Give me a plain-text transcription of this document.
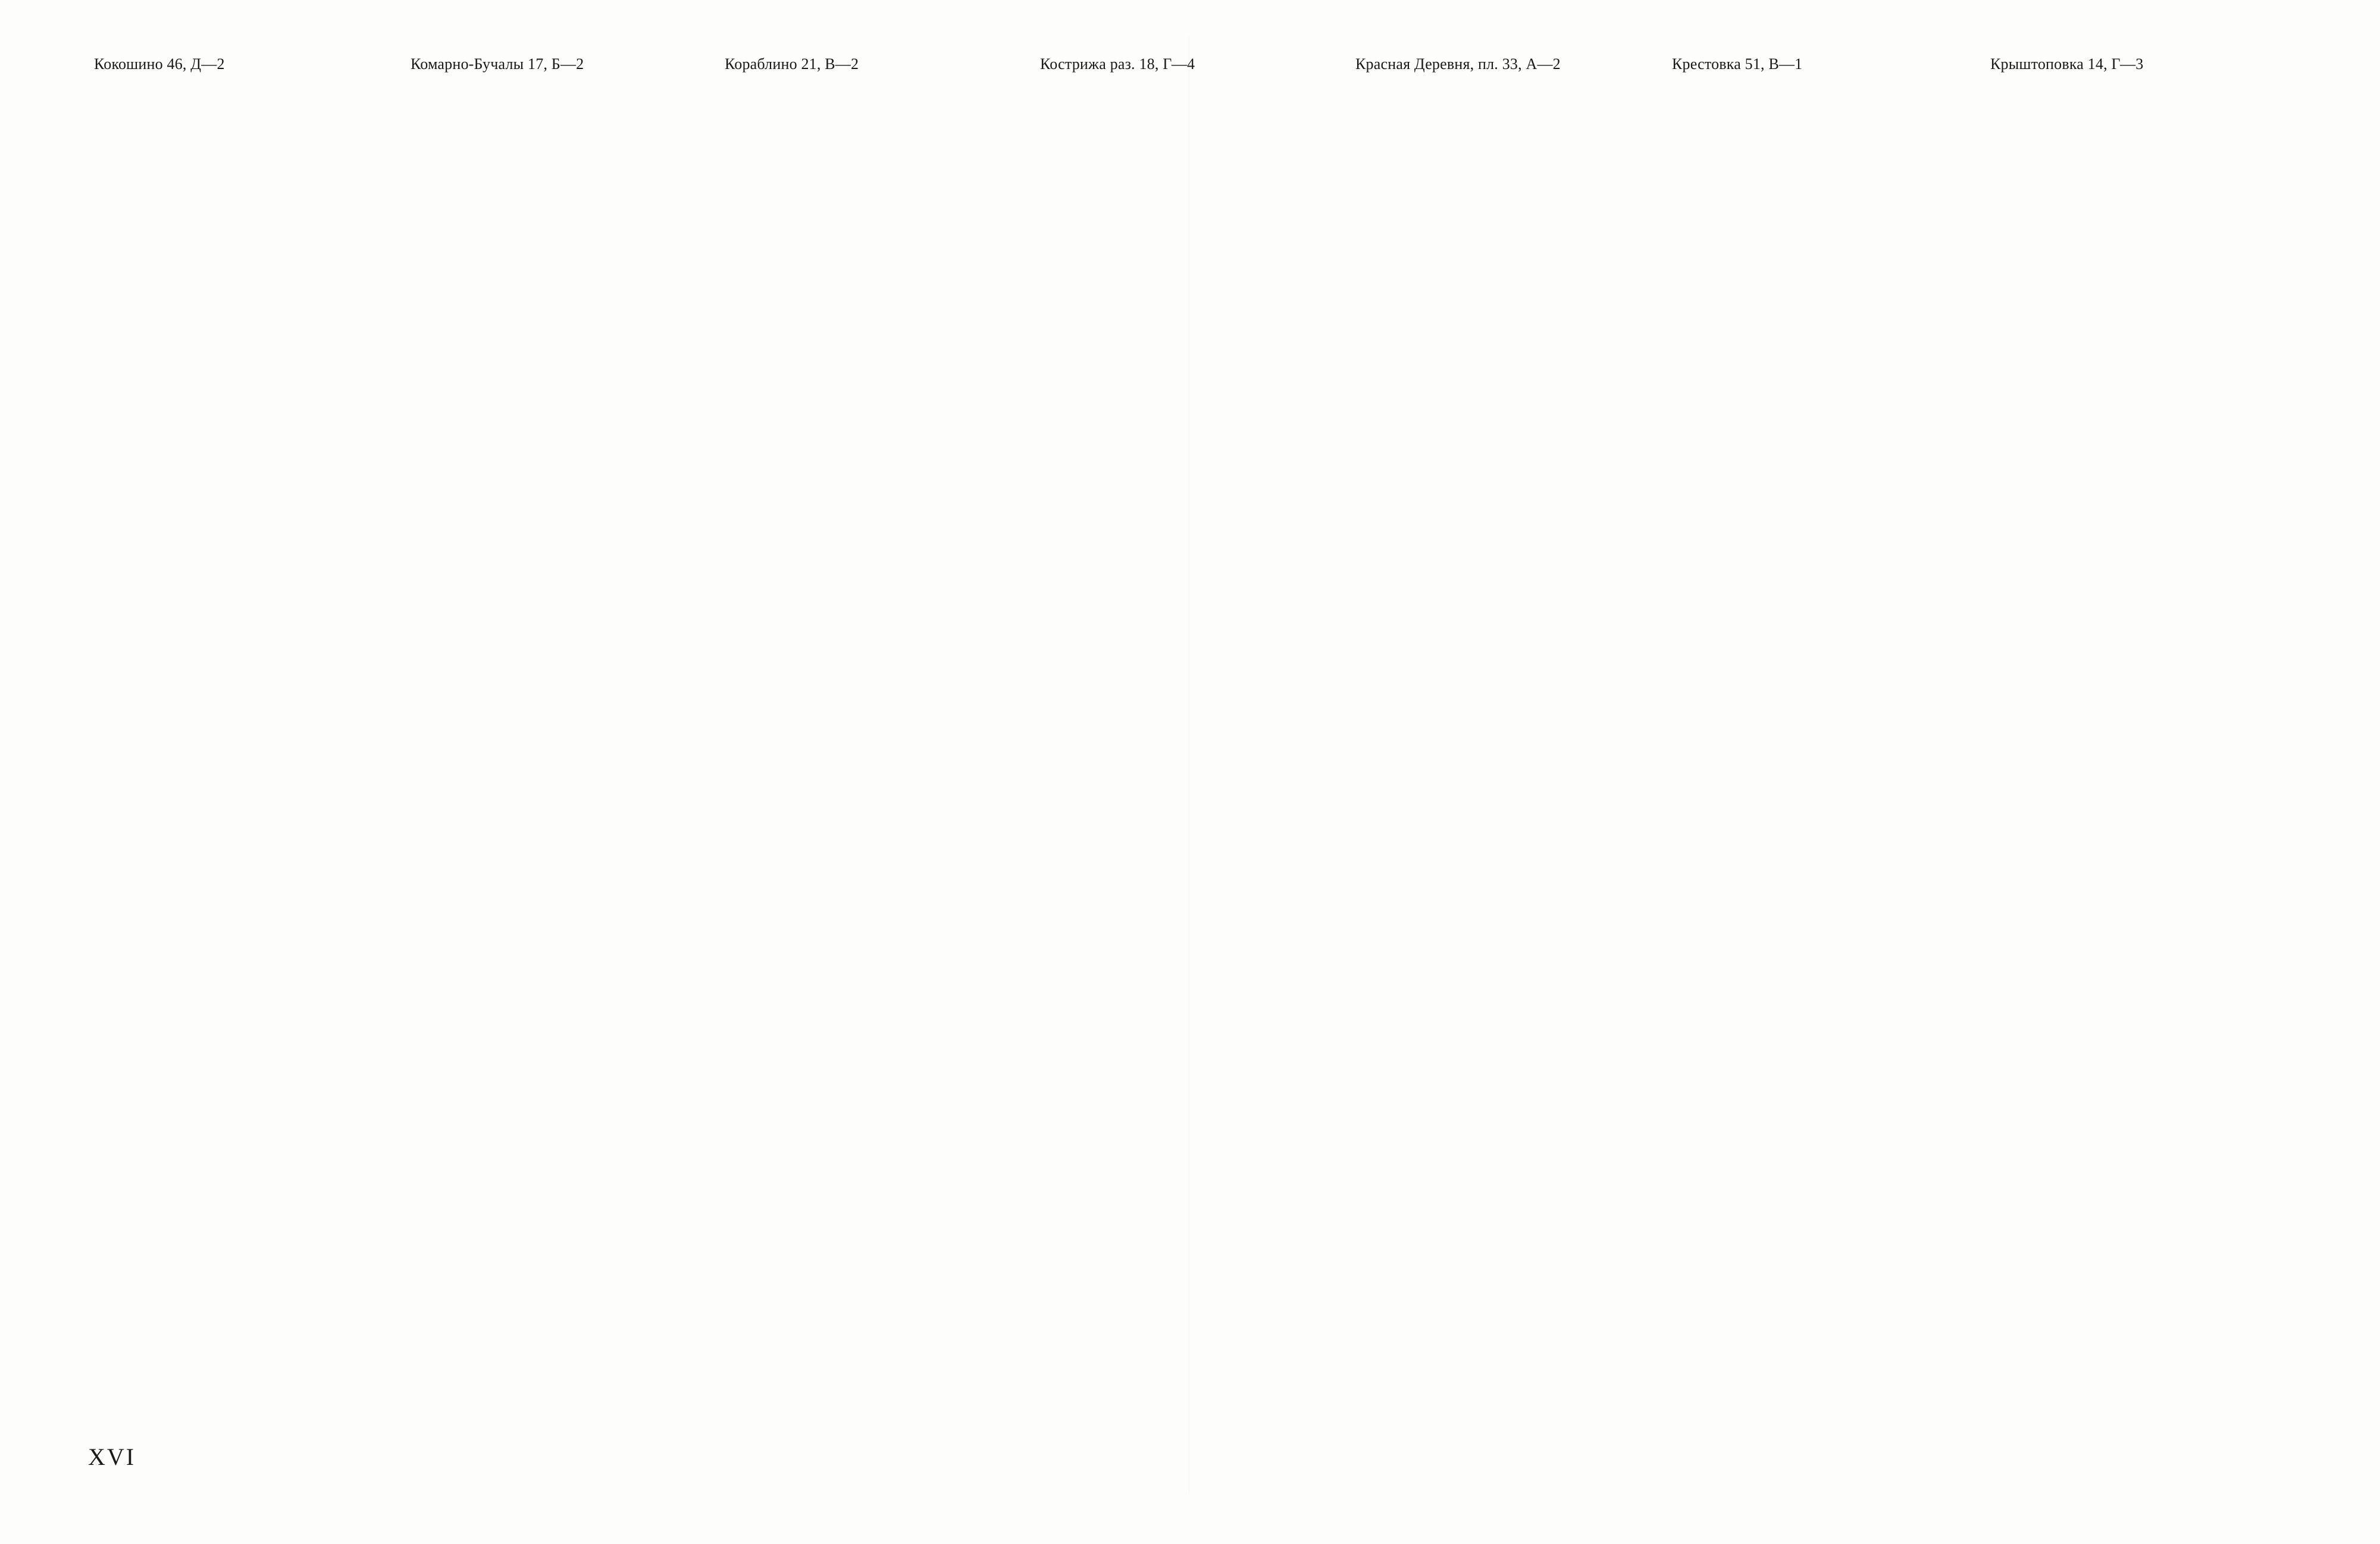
Кокошино 46, Д—2	Комарно-Бучалы 17, Б—2	Кораблино 21, В—2	Кострижа раз. 18, Г—4	Красная Деревня, пл. 33, А—2	Крестовка 51, В—1	Крыштоповка 14, Г—3
XVI
